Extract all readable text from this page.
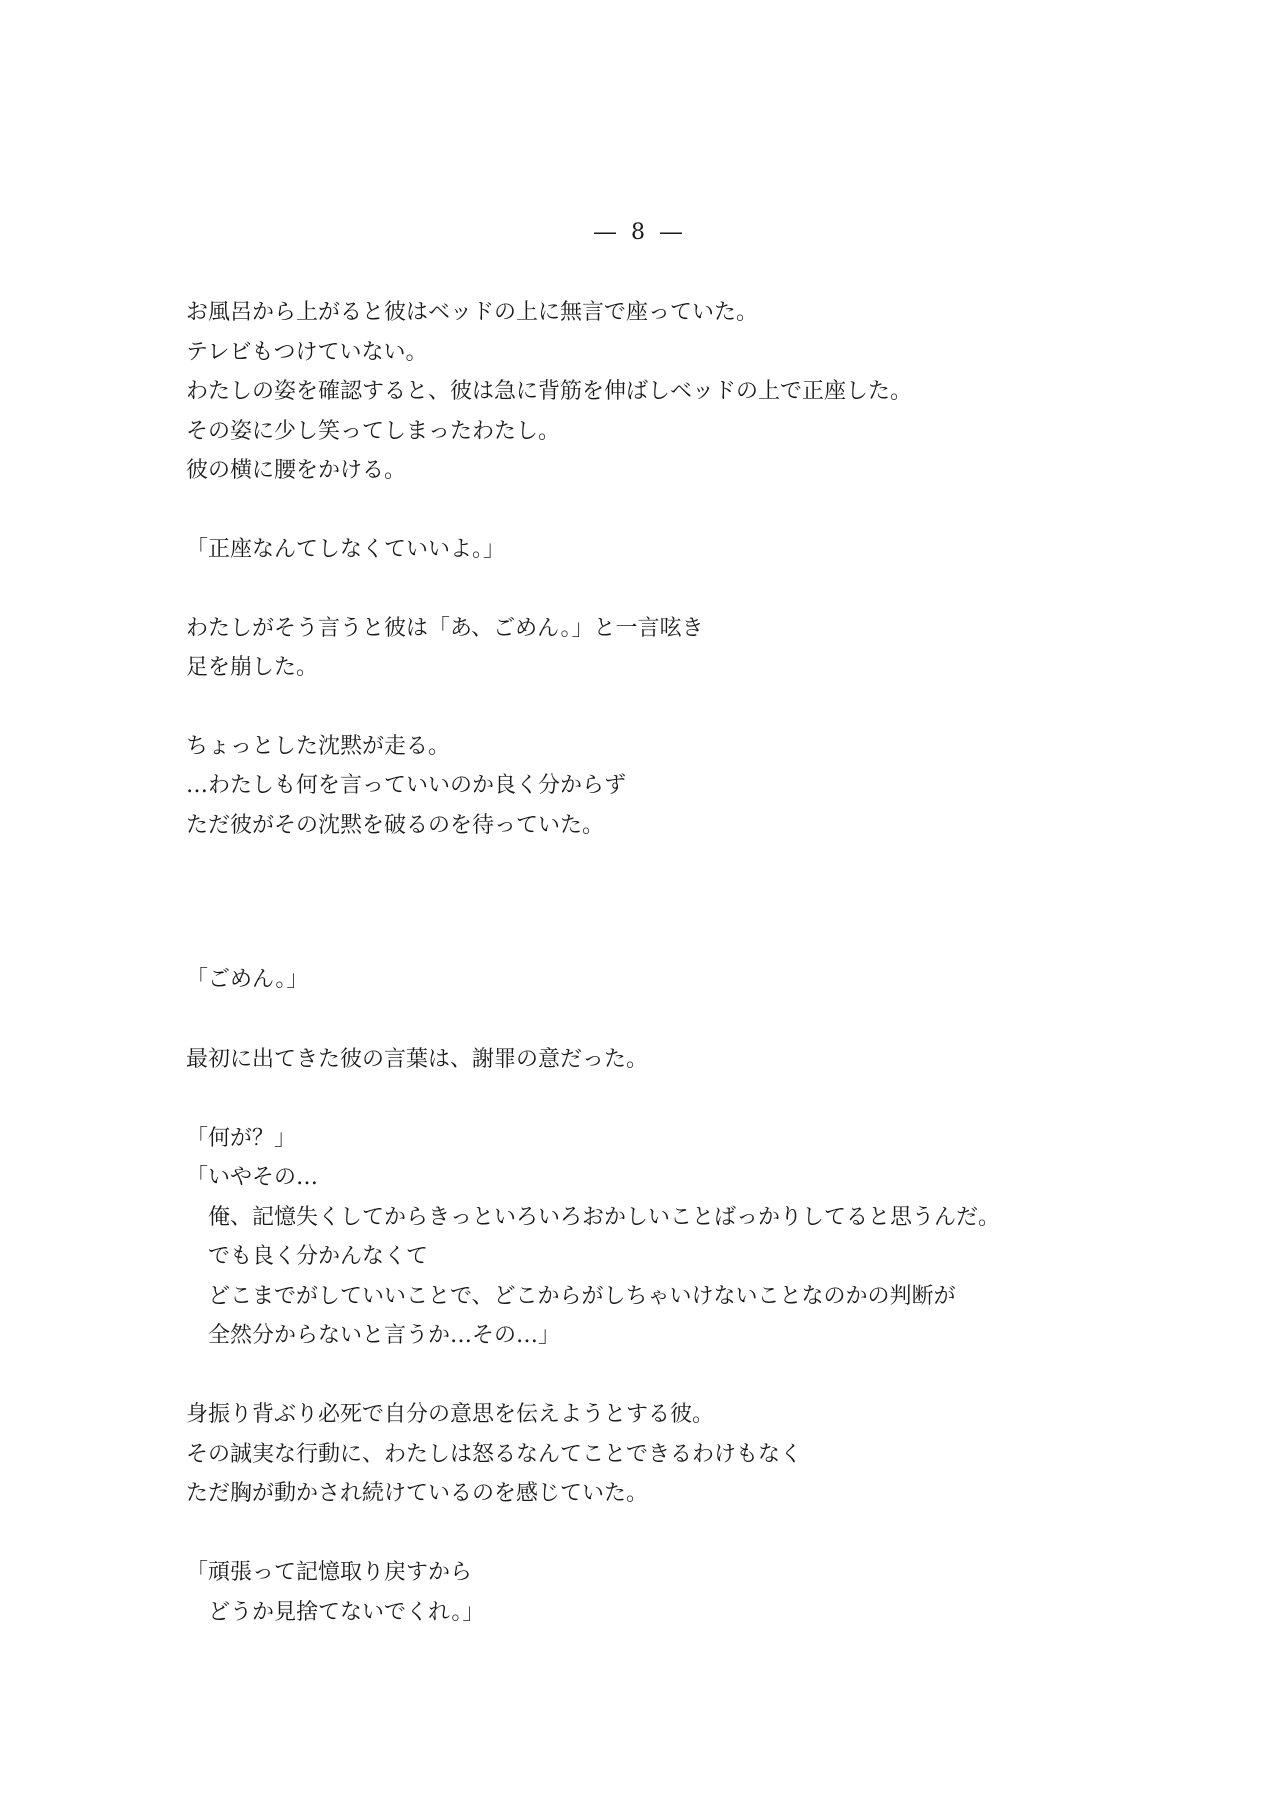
― 8 ―
お風呂から上がると彼はベッドの上に無言で座っていた。
テレビもつけていない。
わたしの姿を確認すると、彼は急に背筋を伸ばしベッドの上で正座した。
その姿に少し笑ってしまったわたし。
彼の横に腰をかける。
「正座なんてしなくていいよ。」
わたしがそう言うと彼は「あ、ごめん。」と一言呟き
足を崩した。
ちょっとした沈黙が走る。
…わたしも何を言っていいのか良く分からず
ただ彼がその沈黙を破るのを待っていた。
「ごめん。」
最初に出てきた彼の言葉は、謝罪の意だった。
「何が？」
「いやその…
　俺、記憶失くしてからきっといろいろおかしいことばっかりしてると思うんだ。
　でも良く分かんなくて
　どこまでがしていいことで、どこからがしちゃいけないことなのかの判断が
　全然分からないと言うか…その…」
身振り背ぶり必死で自分の意思を伝えようとする彼。
その誠実な行動に、わたしは怒るなんてことできるわけもなく
ただ胸が動かされ続けているのを感じていた。
「頑張って記憶取り戻すから
　どうか見捨てないでくれ。」
